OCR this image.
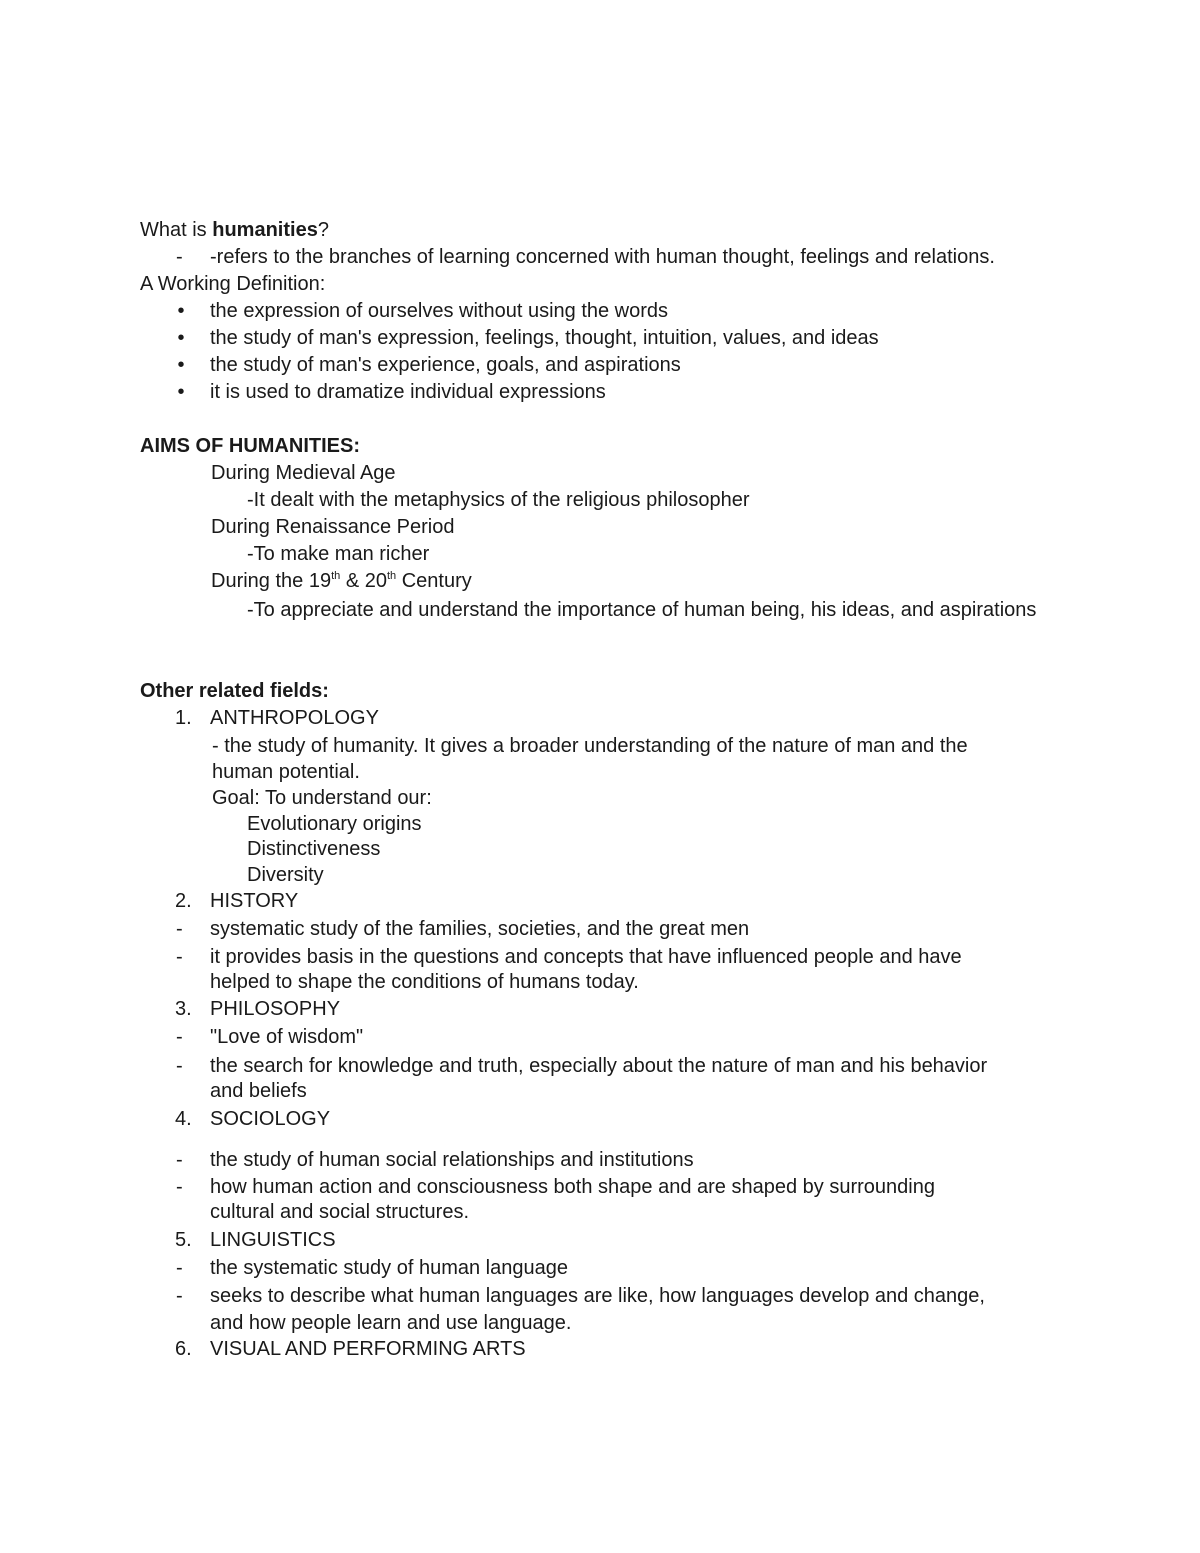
What is humanities?
- -refers to the branches of learning concerned with human thought, feelings and relations.
A Working Definition:
• the expression of ourselves without using the words
• the study of man's expression, feelings, thought, intuition, values, and ideas
• the study of man's experience, goals, and aspirations
• it is used to dramatize individual expressions
AIMS OF HUMANITIES:
During Medieval Age
-It dealt with the metaphysics of the religious philosopher
During Renaissance Period
-To make man richer
During the 19th & 20th Century
-To appreciate and understand the importance of human being, his ideas, and aspirations
Other related fields:
1. ANTHROPOLOGY
- the study of humanity. It gives a broader understanding of the nature of man and the
human potential.
Goal: To understand our:
Evolutionary origins
Distinctiveness
Diversity
2. HISTORY
- systematic study of the families, societies, and the great men
- it provides basis in the questions and concepts that have influenced people and have
helped to shape the conditions of humans today.
3. PHILOSOPHY
- "Love of wisdom"
- the search for knowledge and truth, especially about the nature of man and his behavior
and beliefs
4. SOCIOLOGY
- the study of human social relationships and institutions
- how human action and consciousness both shape and are shaped by surrounding
cultural and social structures.
5. LINGUISTICS
- the systematic study of human language
- seeks to describe what human languages are like, how languages develop and change,
and how people learn and use language.
6. VISUAL AND PERFORMING ARTS
